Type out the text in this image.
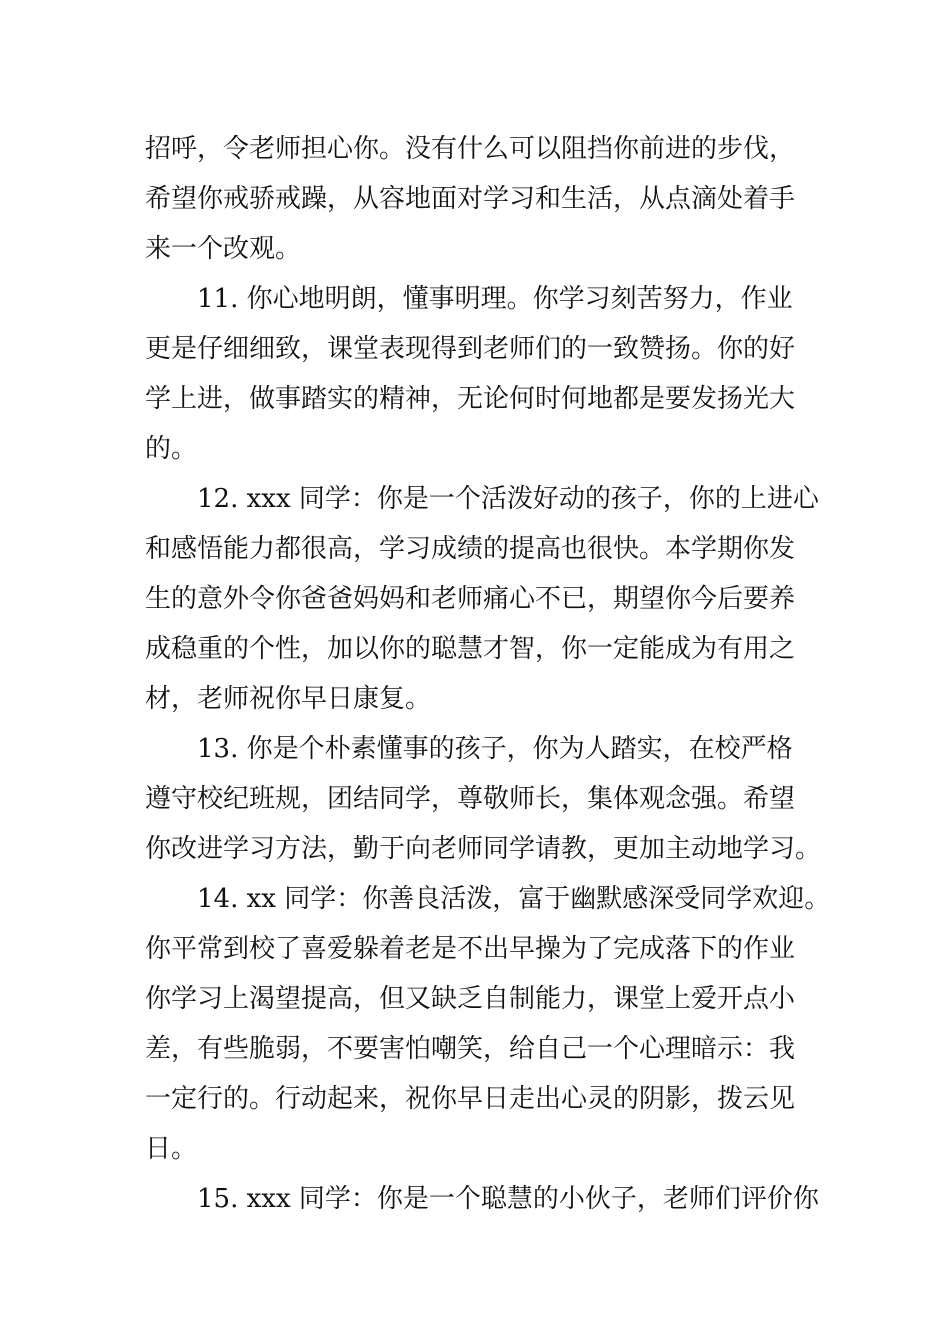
招呼，令老师担心你。没有什么可以阻挡你前进的步伐，
希望你戒骄戒躁，从容地面对学习和生活，从点滴处着手
来一个改观。
11. 你心地明朗，懂事明理。你学习刻苦努力，作业
更是仔细细致，课堂表现得到老师们的一致赞扬。你的好
学上进，做事踏实的精神，无论何时何地都是要发扬光大
的。
12. xxx 同学：你是一个活泼好动的孩子，你的上进心
和感悟能力都很高，学习成绩的提高也很快。本学期你发
生的意外令你爸爸妈妈和老师痛心不已，期望你今后要养
成稳重的个性，加以你的聪慧才智，你一定能成为有用之
材，老师祝你早日康复。
13. 你是个朴素懂事的孩子，你为人踏实，在校严格
遵守校纪班规，团结同学，尊敬师长，集体观念强。希望
你改进学习方法，勤于向老师同学请教，更加主动地学习。
14. xx 同学：你善良活泼，富于幽默感深受同学欢迎。
你平常到校了喜爱躲着老是不出早操为了完成落下的作业
你学习上渴望提高，但又缺乏自制能力，课堂上爱开点小
差，有些脆弱，不要害怕嘲笑，给自己一个心理暗示：我
一定行的。行动起来，祝你早日走出心灵的阴影，拨云见
日。
15. xxx 同学：你是一个聪慧的小伙子，老师们评价你
